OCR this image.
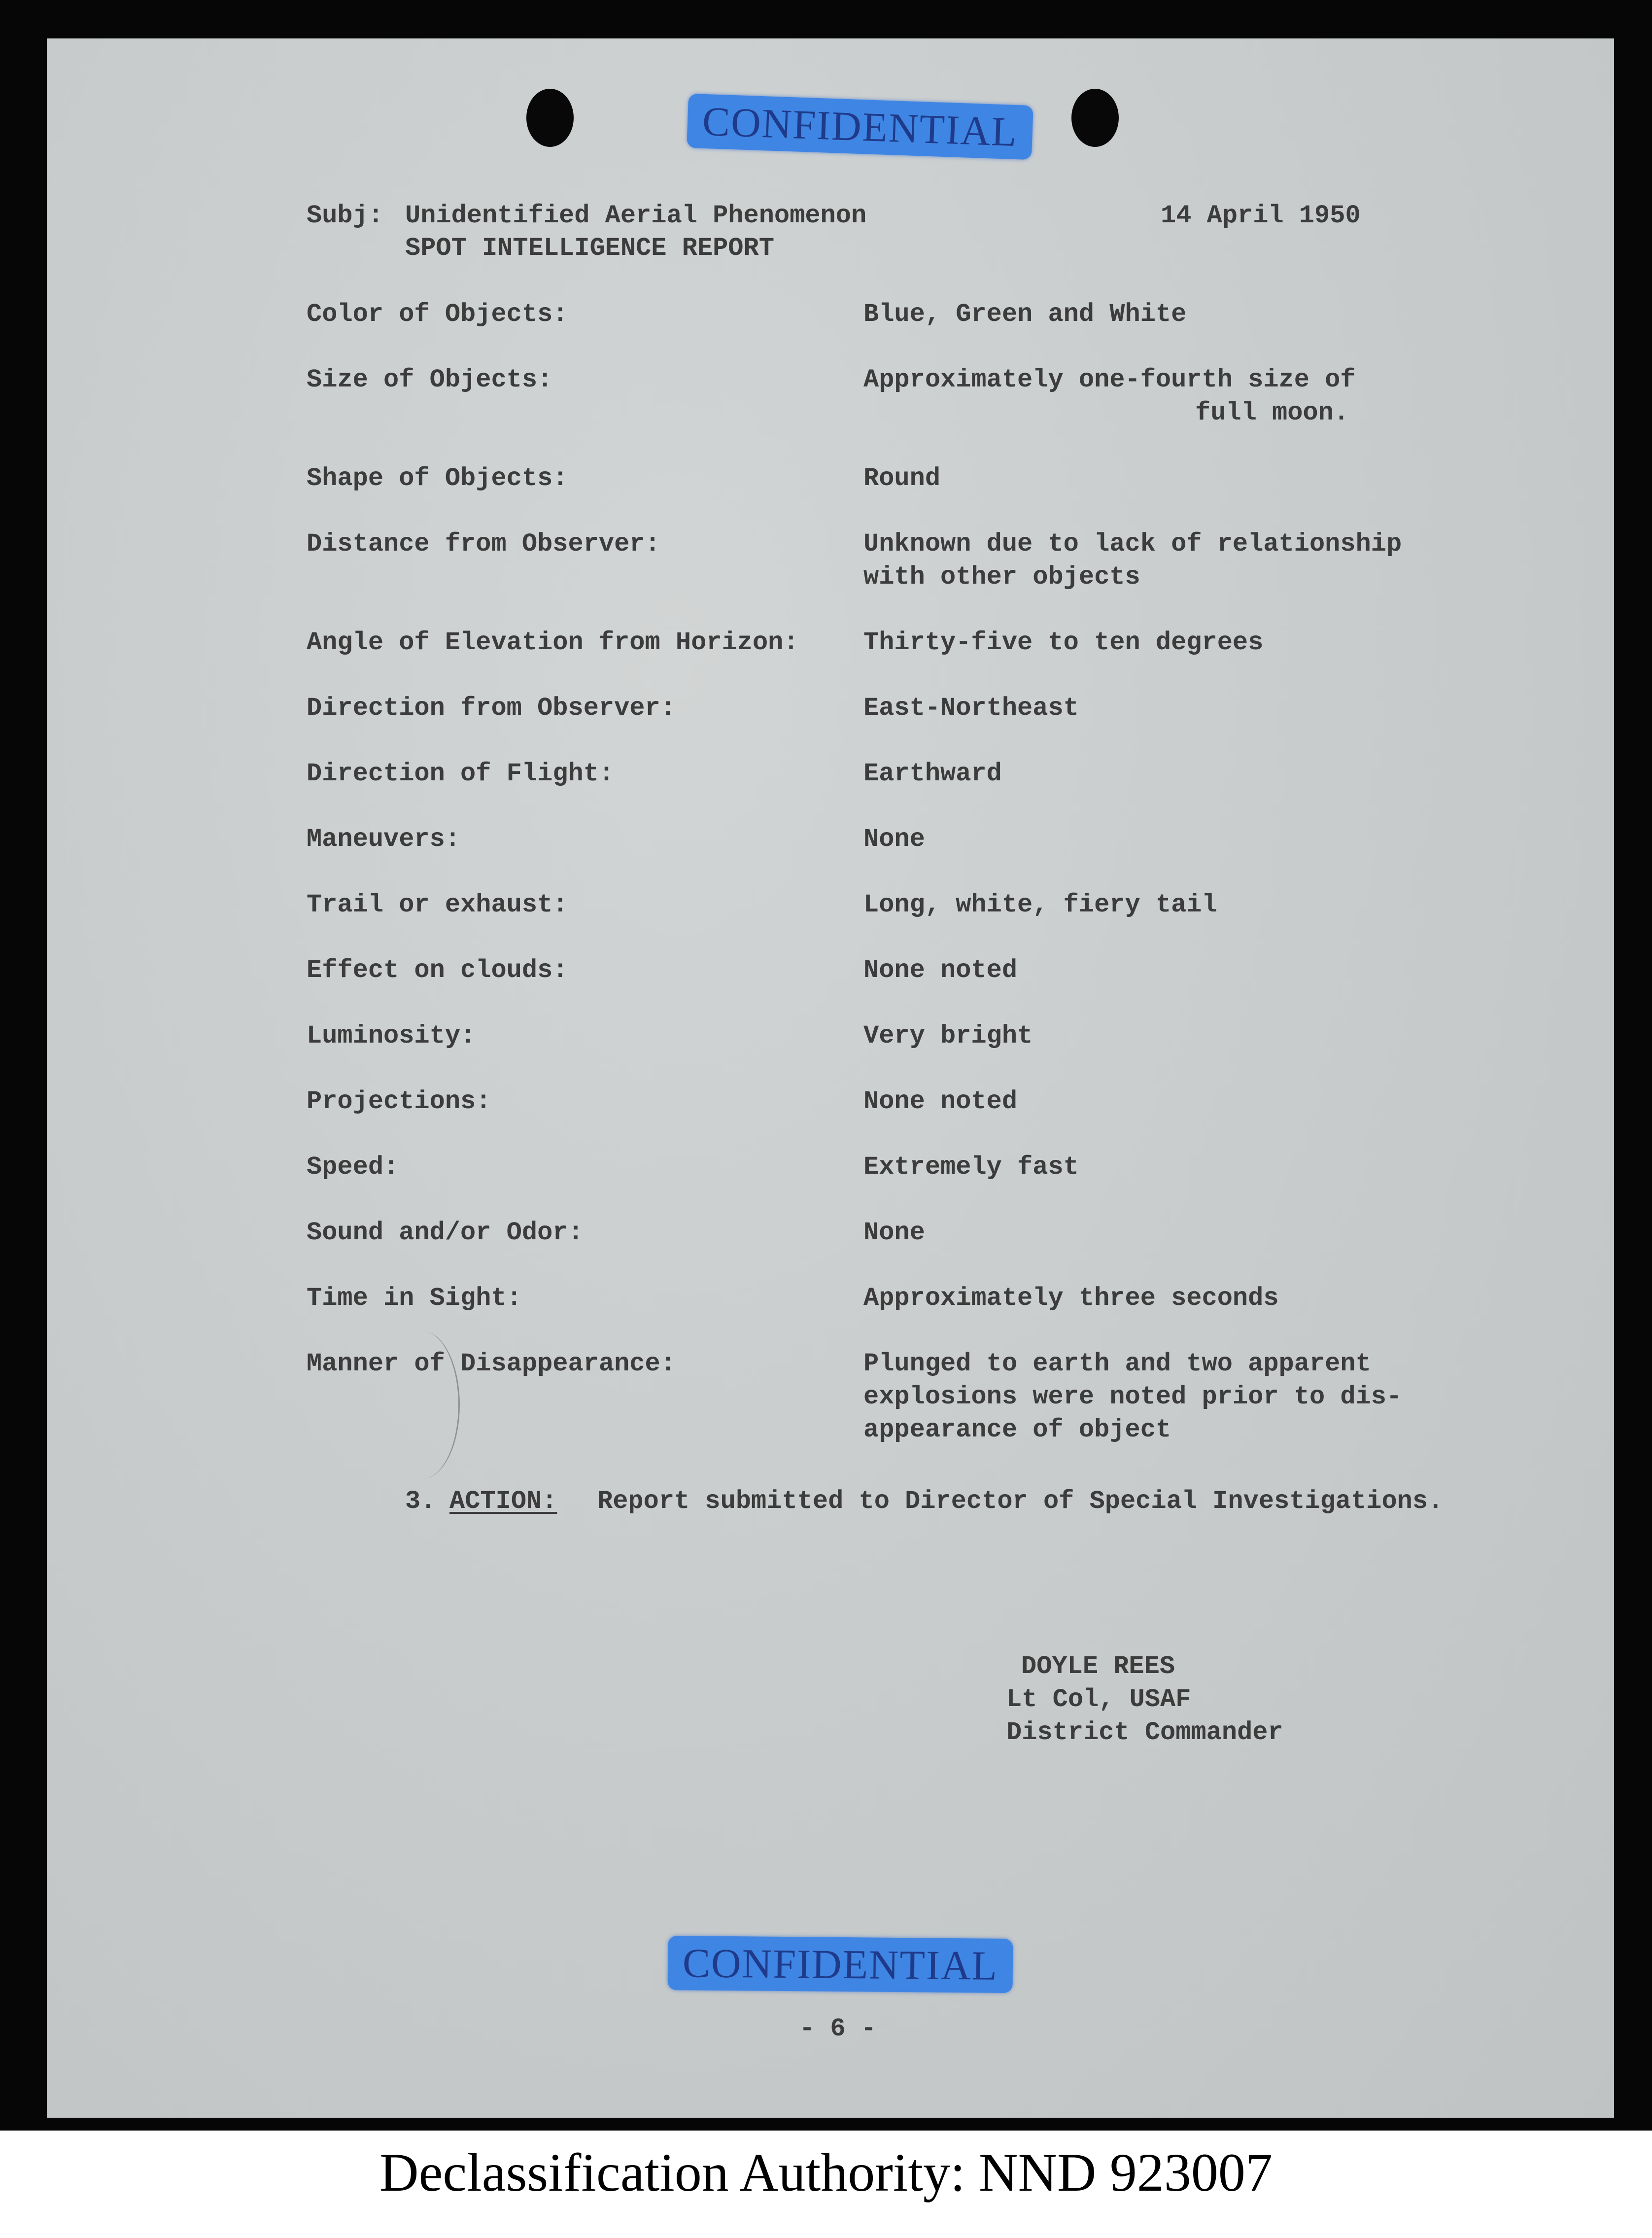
CONFIDENTIAL
Subj: Unidentified Aerial Phenomenon
SPOT INTELLIGENCE REPORT
14 April 1950
Color of Objects:	Blue, Green and White
Size of Objects:	Approximately one-fourth size of
full moon.
Shape of Objects:	Round
Distance from Observer:	Unknown due to lack of relationship
with other objects
Angle of Elevation from Horizon:	Thirty-five to ten degrees
Direction from Observer:	East-Northeast
Direction of Flight:	Earthward
Maneuvers:	None
Trail or exhaust:	Long, white, fiery tail
Effect on clouds:	None noted
Luminosity:	Very bright
Projections:	None noted
Speed:	Extremely fast
Sound and/or Odor:	None
Time in Sight:	Approximately three seconds
Manner of Disappearance:	Plunged to earth and two apparent
explosions were noted prior to dis-
appearance of object
3. ACTION: Report submitted to Director of Special Investigations.
DOYLE REES
Lt Col, USAF
District Commander
CONFIDENTIAL
- 6 -
Declassification Authority: NND 923007
